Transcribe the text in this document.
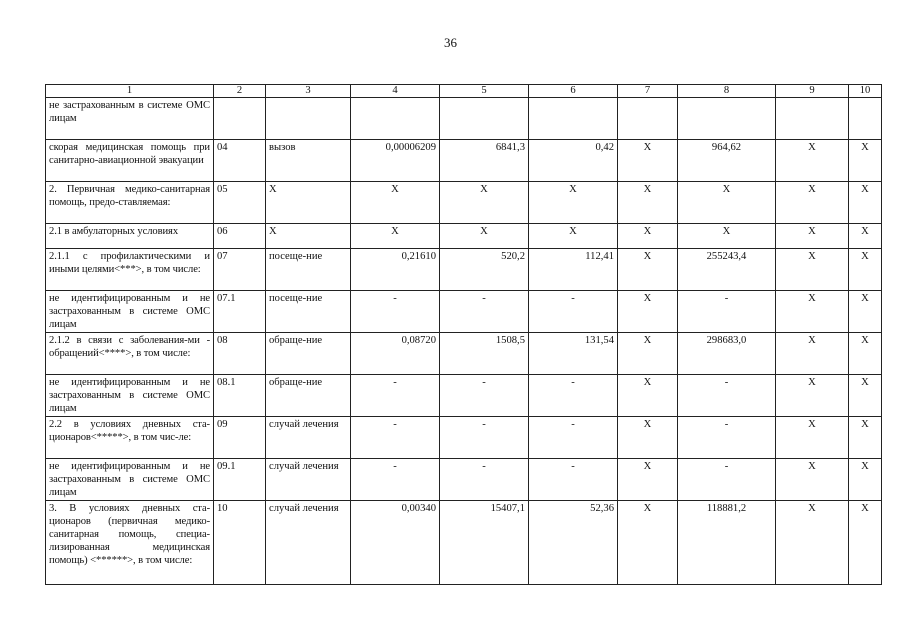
36
1	2	3	4	5	6	7	8	9	10
не застрахованным в системе ОМС лицам									
скорая медицинская помощь при санитарно-авиационной эвакуации	04	вызов	0,00006209	6841,3	0,42	X	964,62	X	X
2. Первичная медико-санитарная помощь, предо-ставляемая:	05	X	X	X	X	X	X	X	X
2.1 в амбулаторных условиях	06	X	X	X	X	X	X	X	X
2.1.1 с профилактическими и иными целями<***>, в том числе:	07	посеще-ние	0,21610	520,2	112,41	X	255243,4	X	X
не идентифицированным и не застрахованным в системе ОМС лицам	07.1	посеще-ние	-	-	-	X	-	X	X
2.1.2 в связи с заболевания-ми - обращений<****>, в том числе:	08	обраще-ние	0,08720	1508,5	131,54	X	298683,0	X	X
не идентифицированным и не застрахованным в системе ОМС лицам	08.1	обраще-ние	-	-	-	X	-	X	X
2.2 в условиях дневных ста-ционаров<*****>, в том чис-ле:	09	случай лечения	-	-	-	X	-	X	X
не идентифицированным и не застрахованным в системе ОМС лицам	09.1	случай лечения	-	-	-	X	-	X	X
3. В условиях дневных ста-ционаров (первичная медико-санитарная помощь, специа-лизированная медицинская помощь) <******>, в том числе:	10	случай лечения	0,00340	15407,1	52,36	X	118881,2	X	X
